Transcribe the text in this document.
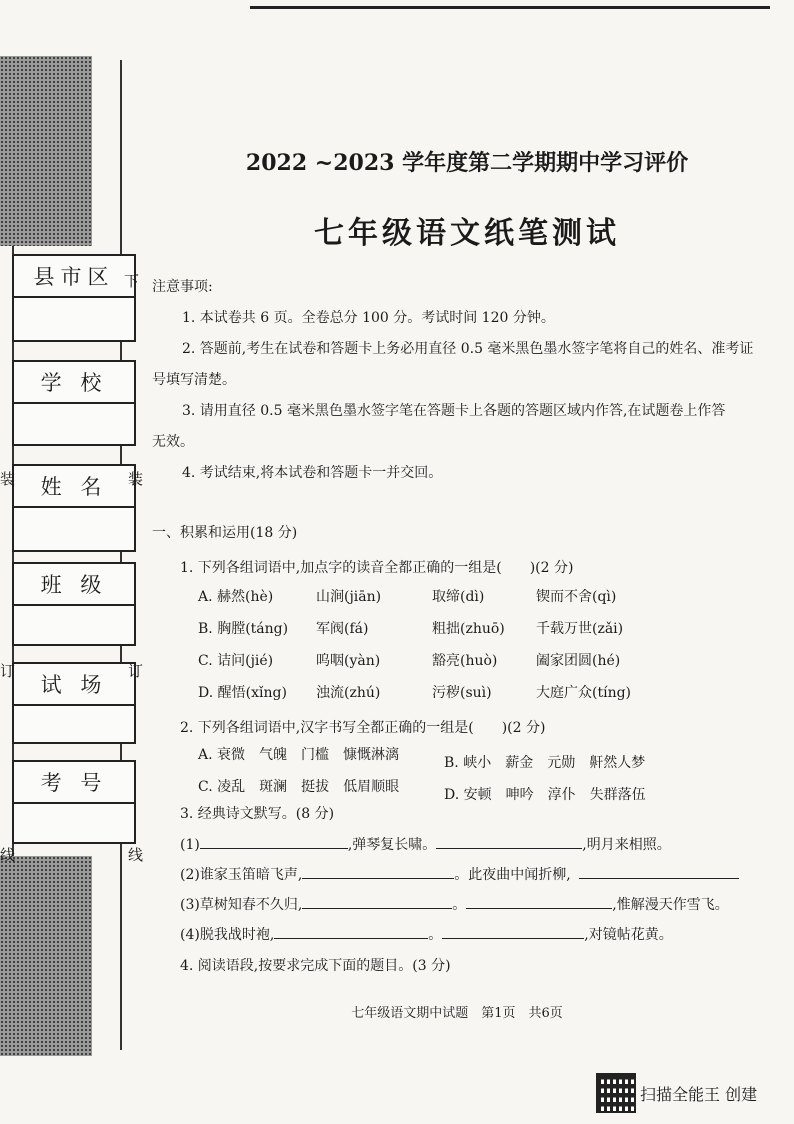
县市区
学 校
姓 名
班 级
试 场
考 号
装
订
线
下
装
订
线
2022 ~2023 学年度第二学期期中学习评价
七年级语文纸笔测试

注意事项:

1. 本试卷共 6 页。全卷总分 100 分。考试时间 120 分钟。

2. 答题前,考生在试卷和答题卡上务必用直径 0.5 毫米黑色墨水签字笔将自己的姓名、准考证

号填写清楚。

3. 请用直径 0.5 毫米黑色墨水签字笔在答题卡上各题的答题区域内作答,在试题卷上作答

无效。

4. 考试结束,将本试卷和答题卡一并交回。

一、积累和运用(18 分)
1. 下列各组词语中,加点字的读音全都正确的一组是(　　)(2 分)
A. 赫然(hè)	山涧(jiān)	取缔(dì)	锲而不舍(qì)
B. 胸膛(táng) 军阀(fá)	粗拙(zhuō) 千载万世(zǎi)
C. 诘问(jié)	呜咽(yàn)	豁亮(huò)	阖家团圆(hé)
D. 醒悟(xǐng) 浊流(zhú)	污秽(suì)	大庭广众(tíng)
2. 下列各组词语中,汉字书写全都正确的一组是(　　)(2 分)
A. 衰微　气魄　门槛　慷慨淋漓	B. 峡小　薪金　元勋　鼾然人梦
C. 凌乱　斑澜　挺拔　低眉顺眼	D. 安顿　呻吟　淳仆　失群落伍
3. 经典诗文默写。(8 分)
(1)	,弹琴复长啸。	,明月来相照。
(2)谁家玉笛暗飞声,	。此夜曲中闻折柳,
(3)草树知春不久归,	。	,惟解漫天作雪飞。
(4)脱我战时袍,	。	,对镜帖花黄。
4. 阅读语段,按要求完成下面的题目。(3 分)
七年级语文期中试题　第1页　共6页
扫描全能王 创建
